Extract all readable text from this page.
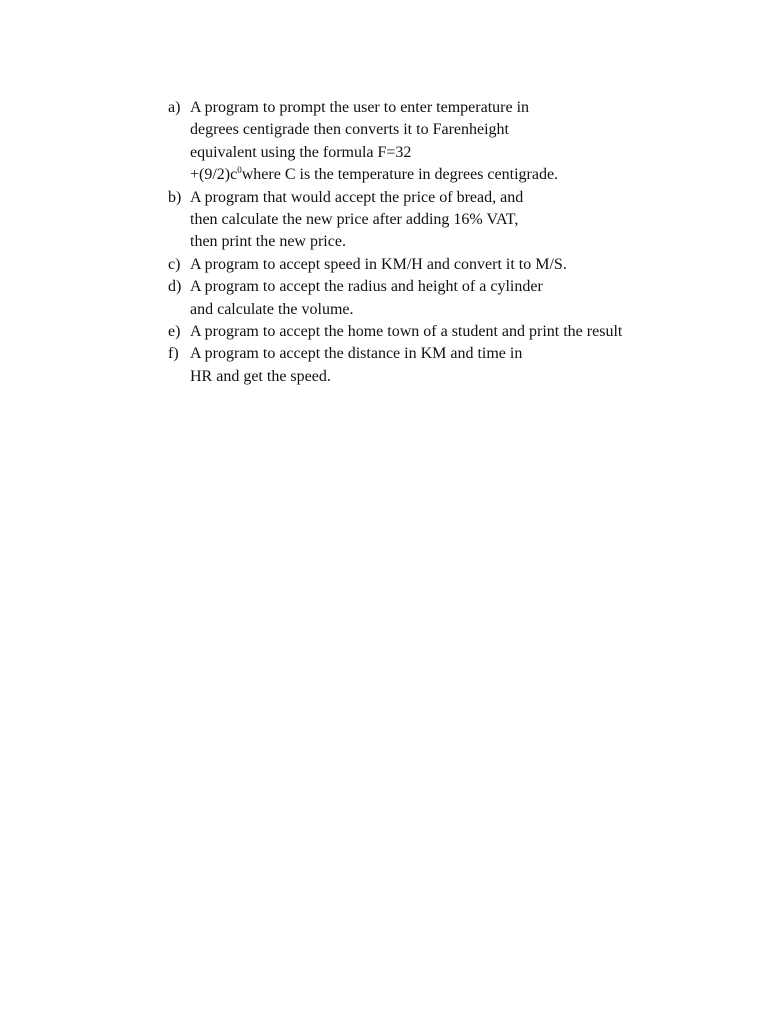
a) A program to prompt the user to enter temperature in
degrees centigrade then converts it to Farenheight
equivalent using the formula F=32
$+(9/2)c^0where$ C is the temperature in degrees centigrade.
b) A program that would accept the price of bread, and
then calculate the new price after adding 16% VAT,
then print the new price.
c) A program to accept speed in KM/H and convert it to M/S.
d) A program to accept the radius and height of a cylinder
and calculate the volume.
e) A program to accept the home town of a student and print the result
f) A program to accept the distance in KM and time in
HR and get the speed.
